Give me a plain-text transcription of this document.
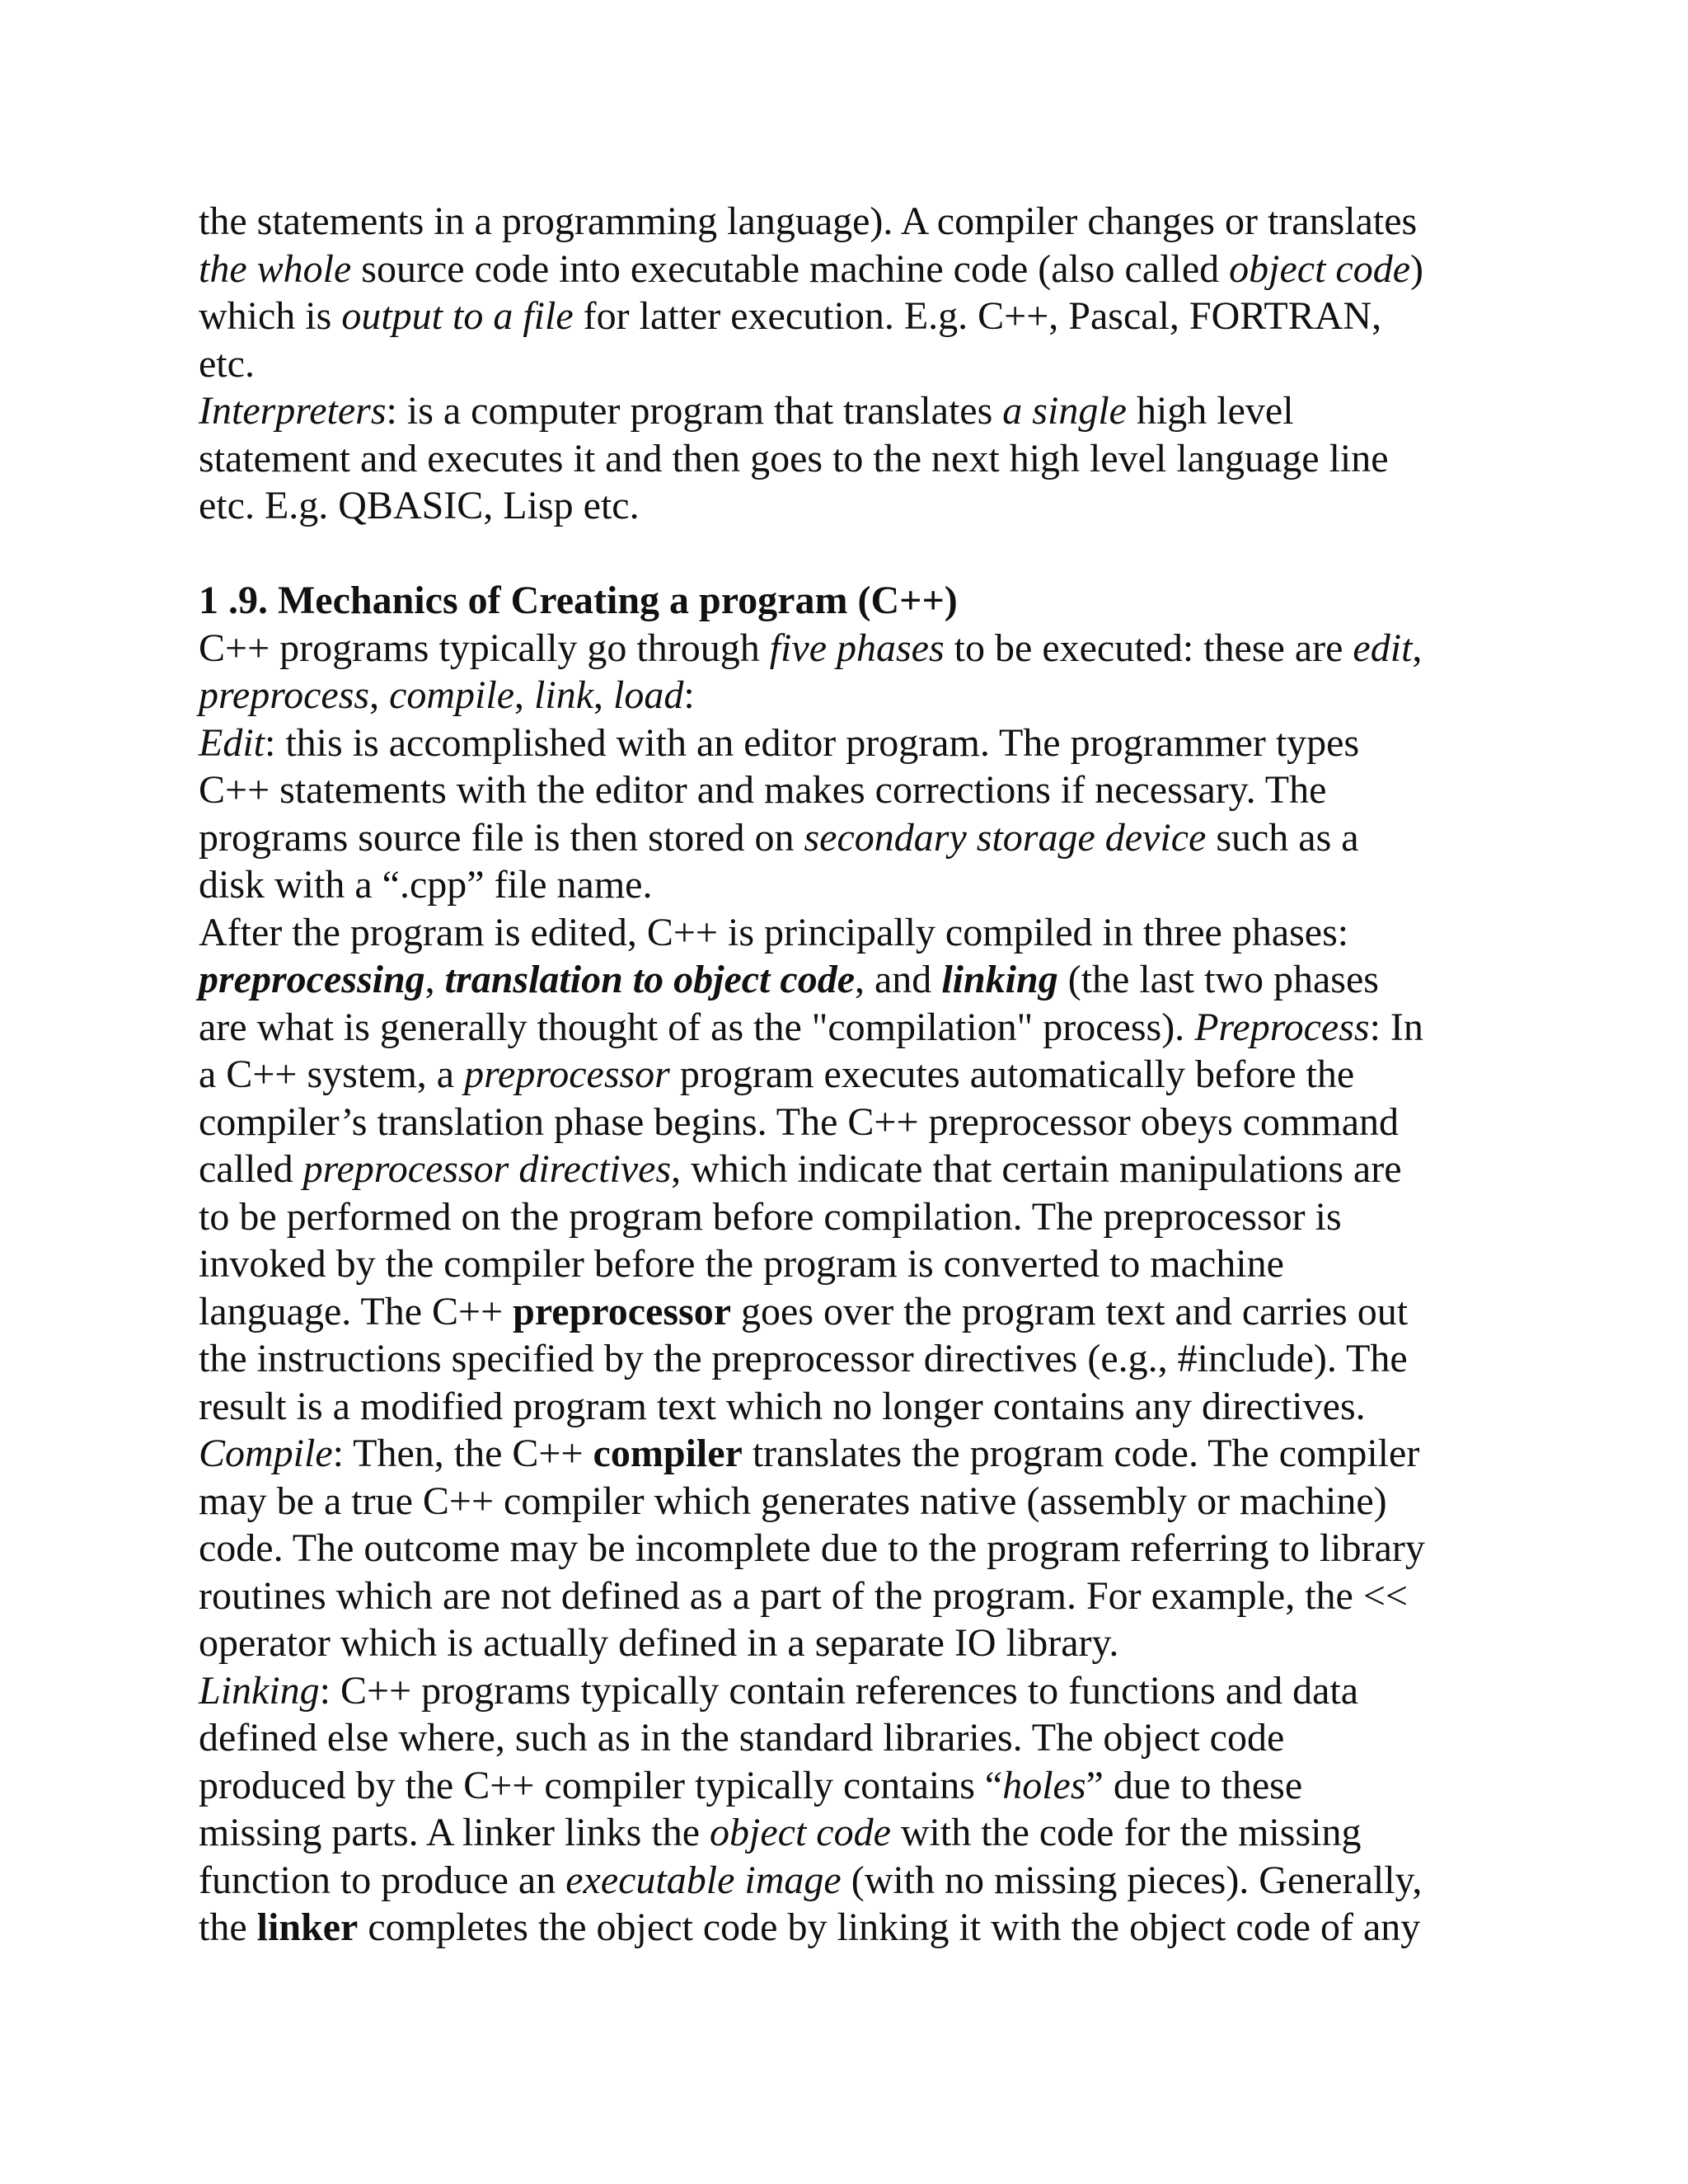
the statements in a programming language). A compiler changes or translates
the whole source code into executable machine code (also called object code)
which is output to a file for latter execution. E.g. C++, Pascal, FORTRAN,
etc.
Interpreters: is a computer program that translates a single high level
statement and executes it and then goes to the next high level language line
etc. E.g. QBASIC, Lisp etc.
1 .9. Mechanics of Creating a program (C++)
C++ programs typically go through five phases to be executed: these are edit,
preprocess, compile, link, load:
Edit: this is accomplished with an editor program. The programmer types
C++ statements with the editor and makes corrections if necessary. The
programs source file is then stored on secondary storage device such as a
disk with a “.cpp” file name.
After the program is edited, C++ is principally compiled in three phases:
preprocessing, translation to object code, and linking (the last two phases
are what is generally thought of as the "compilation" process). Preprocess: In
a C++ system, a preprocessor program executes automatically before the
compiler’s translation phase begins. The C++ preprocessor obeys command
called preprocessor directives, which indicate that certain manipulations are
to be performed on the program before compilation. The preprocessor is
invoked by the compiler before the program is converted to machine
language. The C++ preprocessor goes over the program text and carries out
the instructions specified by the preprocessor directives (e.g., #include). The
result is a modified program text which no longer contains any directives.
Compile: Then, the C++ compiler translates the program code. The compiler
may be a true C++ compiler which generates native (assembly or machine)
code. The outcome may be incomplete due to the program referring to library
routines which are not defined as a part of the program. For example, the <<
operator which is actually defined in a separate IO library.
Linking: C++ programs typically contain references to functions and data
defined else where, such as in the standard libraries. The object code
produced by the C++ compiler typically contains “holes” due to these
missing parts. A linker links the object code with the code for the missing
function to produce an executable image (with no missing pieces). Generally,
the linker completes the object code by linking it with the object code of any
